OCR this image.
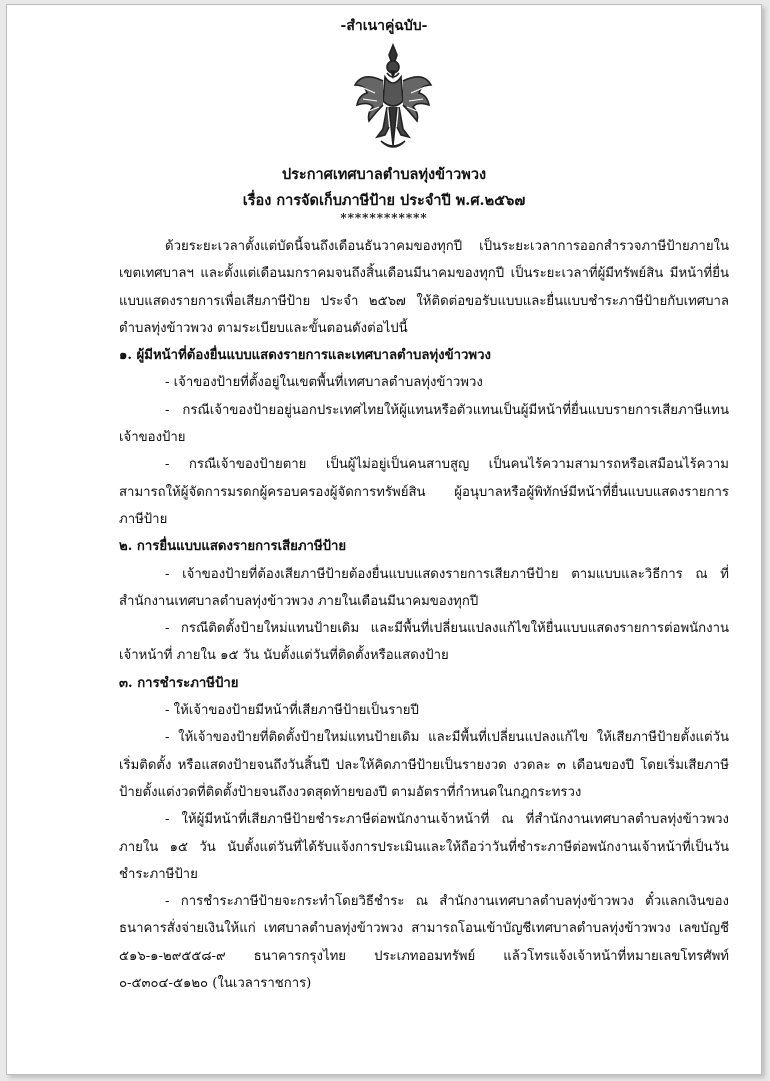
-สำเนาคู่ฉบับ-
ประกาศเทศบาลตำบลทุ่งข้าวพวง
เรื่อง การจัดเก็บภาษีป้าย ประจำปี พ.ศ.๒๕๖๗
************

ด้วยระยะเวลาตั้งแต่บัดนี้จนถึงเดือนธันวาคมของทุกปี เป็นระยะเวลาการออกสำรวจภาษีป้ายภายในเขตเทศบาลฯ และตั้งแต่เดือนมกราคมจนถึงสิ้นเดือนมีนาคมของทุกปี เป็นระยะเวลาที่ผู้มีทรัพย์สิน มีหน้าที่ยื่นแบบแสดงรายการเพื่อเสียภาษีป้าย ประจำ ๒๕๖๗ ให้ติดต่อขอรับแบบและยื่นแบบชำระภาษีป้ายกับเทศบาลตำบลทุ่งข้าวพวง ตามระเบียบและขั้นตอนดังต่อไปนี้

๑. ผู้มีหน้าที่ต้องยื่นแบบแสดงรายการและเทศบาลตำบลทุ่งข้าวพวง

- เจ้าของป้ายที่ตั้งอยู่ในเขตพื้นที่เทศบาลตำบลทุ่งข้าวพวง

- กรณีเจ้าของป้ายอยู่นอกประเทศไทยให้ผู้แทนหรือตัวแทนเป็นผู้มีหน้าที่ยื่นแบบรายการเสียภาษีแทนเจ้าของป้าย

- กรณีเจ้าของป้ายตาย เป็นผู้ไม่อยู่เป็นคนสาบสูญ เป็นคนไร้ความสามารถหรือเสมือนไร้ความสามารถให้ผู้จัดการมรดกผู้ครอบครองผู้จัดการทรัพย์สิน ผู้อนุบาลหรือผู้พิทักษ์มีหน้าที่ยื่นแบบแสดงรายการภาษีป้าย

๒. การยื่นแบบแสดงรายการเสียภาษีป้าย

- เจ้าของป้ายที่ต้องเสียภาษีป้ายต้องยื่นแบบแสดงรายการเสียภาษีป้าย ตามแบบและวิธีการ ณ ที่สำนักงานเทศบาลตำบลทุ่งข้าวพวง ภายในเดือนมีนาคมของทุกปี

- กรณีติดตั้งป้ายใหม่แทนป้ายเดิม และมีพื้นที่เปลี่ยนแปลงแก้ไขให้ยื่นแบบแสดงรายการต่อพนักงานเจ้าหน้าที่ ภายใน ๑๕ วัน นับตั้งแต่วันที่ติดตั้งหรือแสดงป้าย

๓. การชำระภาษีป้าย

- ให้เจ้าของป้ายมีหน้าที่เสียภาษีป้ายเป็นรายปี

- ให้เจ้าของป้ายที่ติดตั้งป้ายใหม่แทนป้ายเดิม และมีพื้นที่เปลี่ยนแปลงแก้ไข ให้เสียภาษีป้ายตั้งแต่วันเริ่มติดตั้ง หรือแสดงป้ายจนถึงวันสิ้นปี ปละให้คิดภาษีป้ายเป็นรายงวด งวดละ ๓ เดือนของปี โดยเริ่มเสียภาษีป้ายตั้งแต่งวดที่ติดตั้งป้ายจนถึงงวดสุดท้ายของปี ตามอัตราที่กำหนดในกฎกระทรวง

- ให้ผู้มีหน้าที่เสียภาษีป้ายชำระภาษีต่อพนักงานเจ้าหน้าที่ ณ ที่สำนักงานเทศบาลตำบลทุ่งข้าวพวง ภายใน ๑๕ วัน นับตั้งแต่วันที่ได้รับแจ้งการประเมินและให้ถือว่าวันที่ชำระภาษีต่อพนักงานเจ้าหน้าที่เป็นวันชำระภาษีป้าย

- การชำระภาษีป้ายจะกระทำโดยวิธีชำระ ณ สำนักงานเทศบาลตำบลทุ่งข้าวพวง ตั๋วแลกเงินของธนาคารสั่งจ่ายเงินให้แก่ เทศบาลตำบลทุ่งข้าวพวง สามารถโอนเข้าบัญชีเทศบาลตำบลทุ่งข้าวพวง เลขบัญชี ๕๑๖-๑-๒๙๕๕๘-๙ ธนาคารกรุงไทย ประเภทออมทรัพย์ แล้วโทรแจ้งเจ้าหน้าที่หมายเลขโทรศัพท์ ๐-๕๓๐๔-๕๑๒๐ (ในเวลาราชการ)
